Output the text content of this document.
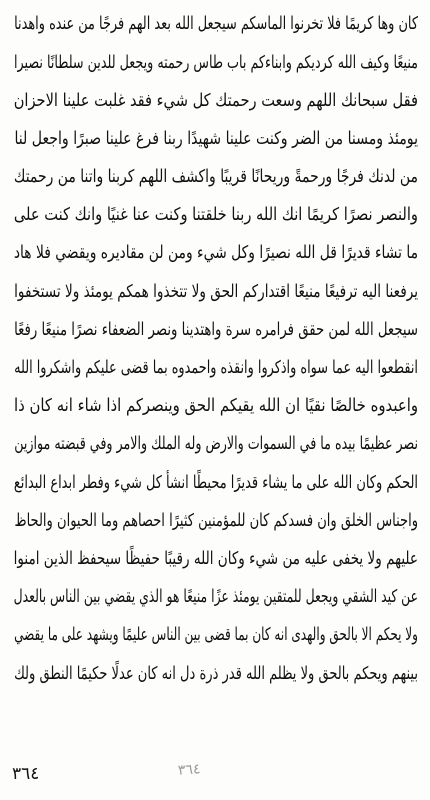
كان وها كريمًا فلا تخرنوا الماسكم سيجعل الله بعد الهم فرجًا من عنده واهدنا
منيعًا وكيف الله كرديكم وابناءكم باب طاس رحمته ويجعل للدين سلطانًا نصيرا
فقل سبحانك اللهم وسعت رحمتك كل شيء فقد غلبت علينا الاحزان
يومئذ ومسنا من الضر وكنت علينا شهيدًا ربنا فرغ علينا صبرًا واجعل لنا
من لدنك فرجًا ورحمةً وريحانًا قريبًا واكشف اللهم كربنا واتنا من رحمتك
والنصر نصرًا كريمًا انك الله ربنا خلقتنا وكنت عنا غنيًا وانك كنت على
ما تشاء قديرًا قل الله نصيرًا وكل شيء ومن لن مقاديره ويقضي فلا هاد
يرفعنا اليه ترفيعًا منيعًا اقتداركم الحق ولا تتخذوا همكم يومئذ ولا تستخفوا
سيجعل الله لمن حقق فرامره سرة واهتدينا ونصر الضعفاء نصرًا منيعًا رفعًا
انقطعوا اليه عما سواه واذكروا وانقذه واحمدوه بما قضى عليكم واشكروا الله
واعبدوه خالصًا نقيًا ان الله يقيكم الحق وينصركم اذا شاء انه كان ذا
نصر عظيمًا بيده ما في السموات والارض وله الملك والامر وفي قبضته موازين
الحكم وكان الله على ما يشاء قديرًا محيطًا انشأ كل شيء وفطر ابداع البدائع
واجناس الخلق وان فسدكم كان للمؤمنين كثيرًا احصاهم وما الحيوان والحاظ
عليهم ولا يخفى عليه من شيء وكان الله رقيبًا حفيظًا سيحفظ الذين امنوا
عن كيد الشقي ويجعل للمتقين يومئذ عزًا منيعًا هو الذي يقضي بين الناس بالعدل
ولا يحكم الا بالحق والهدى انه كان بما قضى بين الناس عليمًا ويشهد على ما يقضي
بينهم ويحكم بالحق ولا يظلم الله قدر ذرة دل انه كان عدلًا حكيمًا النطق ولك
٣٦٤	٣٦٤
